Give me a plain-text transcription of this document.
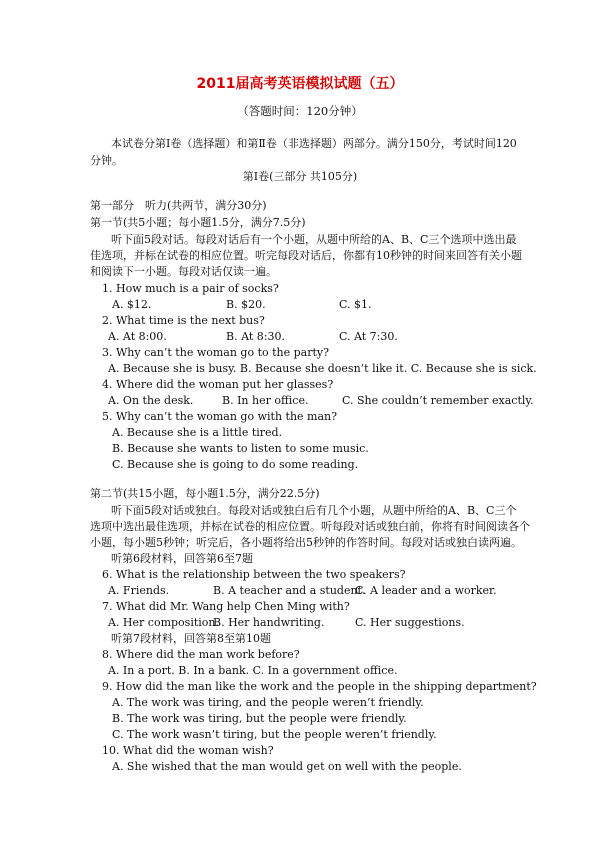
2011届高考英语模拟试题（五）
（答题时间：120分钟）
本试卷分第Ⅰ卷（选择题）和第Ⅱ卷（非选择题）两部分。满分150分，考试时间120
分钟。
第Ⅰ卷(三部分 共105分)
第一部分　听力(共两节，满分30分)
第一节(共5小题；每小题1.5分，满分7.5分)
听下面5段对话。每段对话后有一个小题，从题中所给的A、B、C三个选项中选出最
佳选项，并标在试卷的相应位置。听完每段对话后，你都有10秒钟的时间来回答有关小题
和阅读下一小题。每段对话仅读一遍。
1. How much is a pair of socks?
A. $12.	B. $20.	C. $1.
2. What time is the next bus?
A. At 8:00.	B. At 8:30.	C. At 7:30.
3. Why can’t the woman go to the party?
A. Because she is busy. B. Because she doesn’t like it. C. Because she is sick.
4. Where did the woman put her glasses?
A. On the desk.	B. In her office.	C. She couldn’t remember exactly.
5. Why can’t the woman go with the man?
A. Because she is a little tired.
B. Because she wants to listen to some music.
C. Because she is going to do some reading.
第二节(共15小题，每小题1.5分，满分22.5分)
听下面5段对话或独白。每段对话或独白后有几个小题，从题中所给的A、B、C三个
选项中选出最佳选项，并标在试卷的相应位置。听每段对话或独白前，你将有时间阅读各个
小题，每小题5秒钟；听完后，各小题将给出5秒钟的作答时间。每段对话或独白读两遍。
听第6段材料，回答第6至7题
6. What is the relationship between the two speakers?
A. Friends.	B. A teacher and a student.
C. A leader and a worker.
7. What did Mr. Wang help Chen Ming with?
A. Her composition.
B. Her handwriting.	C. Her suggestions.
听第7段材料，回答第8至第10题
8. Where did the man work before?
A. In a port. B. In a bank. C. In a government office.
9. How did the man like the work and the people in the shipping department?
A. The work was tiring, and the people weren’t friendly.
B. The work was tiring, but the people were friendly.
C. The work wasn’t tiring, but the people weren’t friendly.
10. What did the woman wish?
A. She wished that the man would get on well with the people.
